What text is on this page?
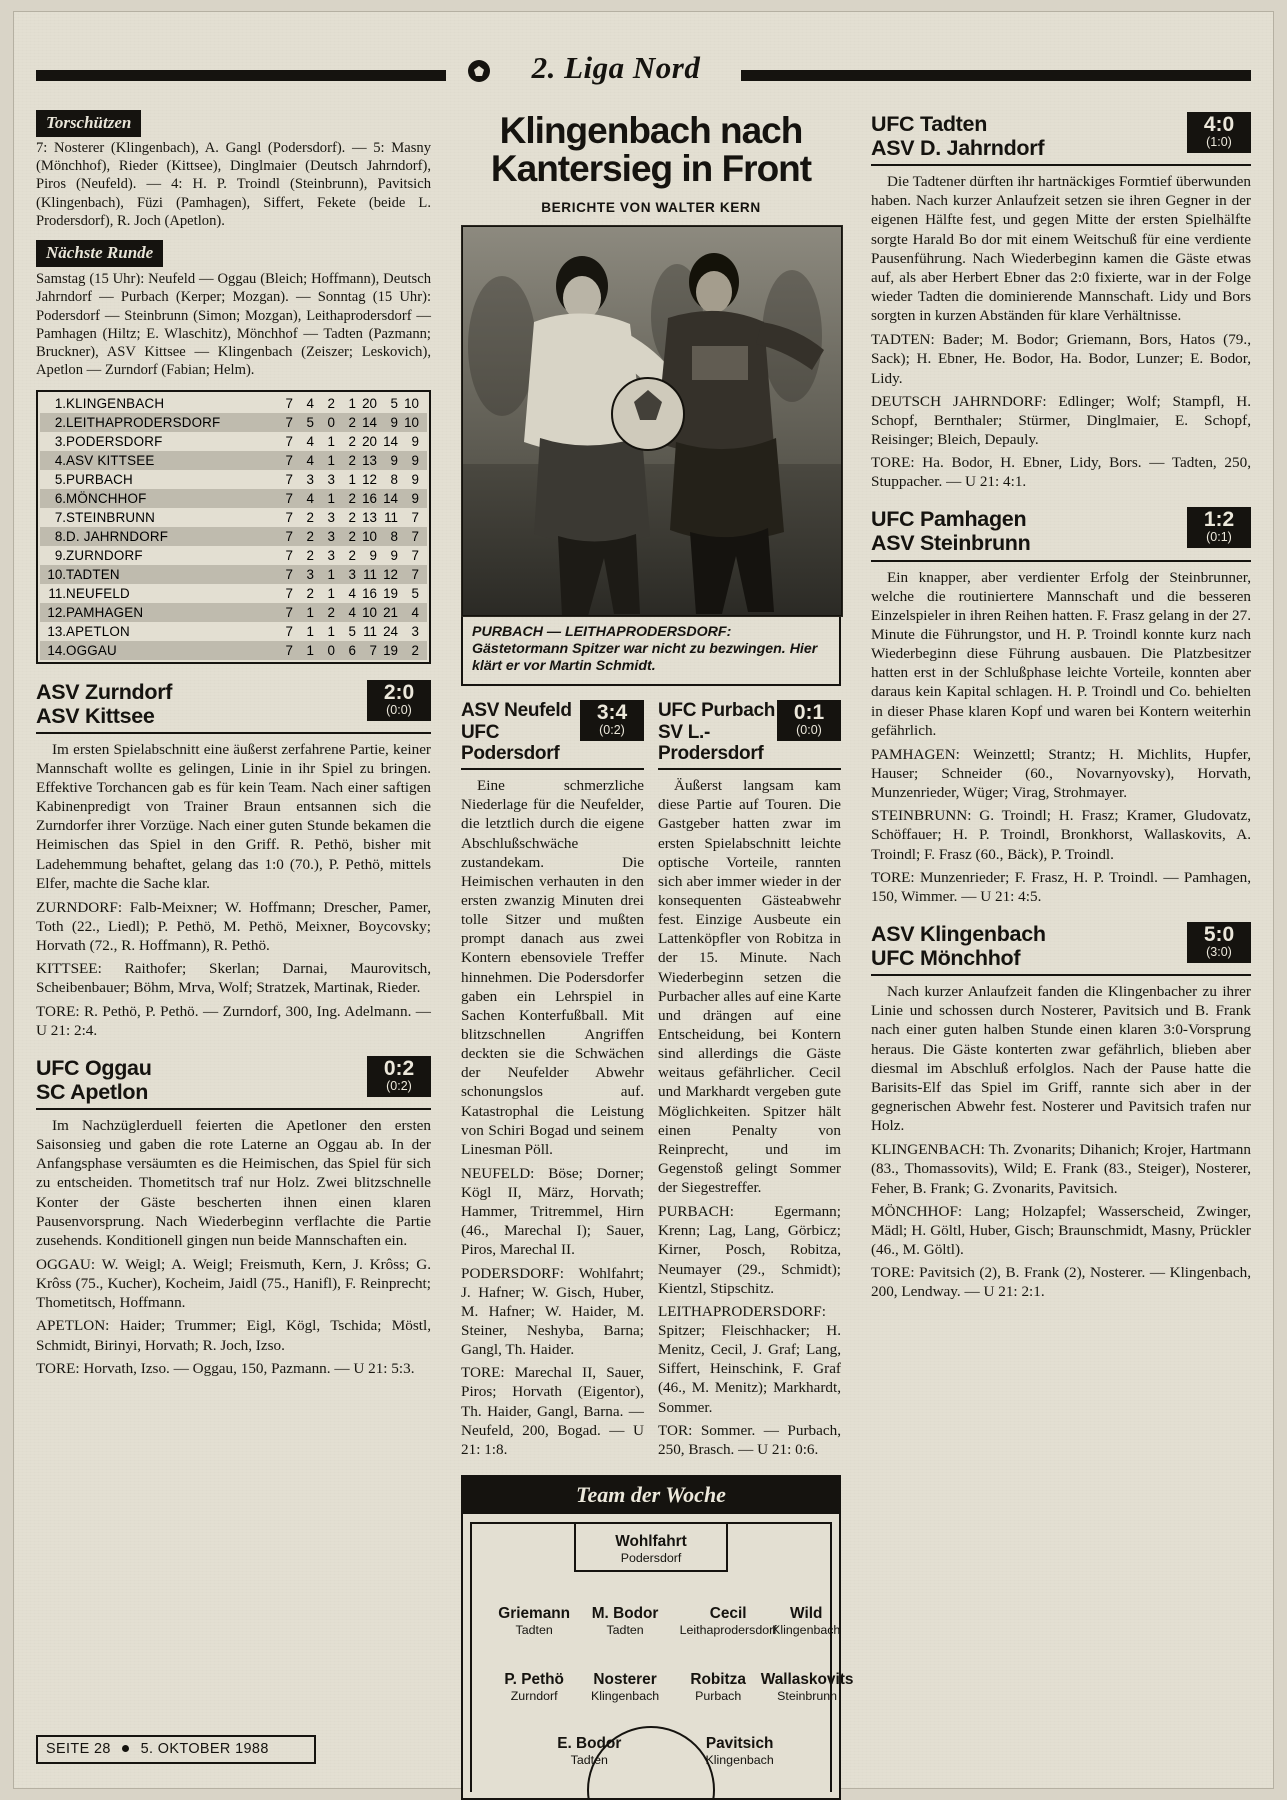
2. Liga Nord
Torschützen
7: Nosterer (Klingenbach), A. Gangl (Podersdorf). — 5: Masny (Mönchhof), Rieder (Kittsee), Dinglmaier (Deutsch Jahrndorf), Piros (Neufeld). — 4: H. P. Troindl (Steinbrunn), Pavitsich (Klingenbach), Füzi (Pamhagen), Siffert, Fekete (beide L. Prodersdorf), R. Joch (Apetlon).
Nächste Runde
Samstag (15 Uhr): Neufeld — Oggau (Bleich; Hoffmann), Deutsch Jahrndorf — Purbach (Kerper; Mozgan). — Sonntag (15 Uhr): Podersdorf — Steinbrunn (Simon; Mozgan), Leithaprodersdorf — Pamhagen (Hiltz; E. Wlaschitz), Mönchhof — Tadten (Pazmann; Bruckner), ASV Kittsee — Klingenbach (Zeiszer; Leskovich), Apetlon — Zurndorf (Fabian; Helm).
1.	KLINGENBACH	7	4	2	1	20	5	10
2.	LEITHAPRODERSDORF	7	5	0	2	14	9	10
3.	PODERSDORF	7	4	1	2	20	14	9
4.	ASV KITTSEE	7	4	1	2	13	9	9
5.	PURBACH	7	3	3	1	12	8	9
6.	MÖNCHHOF	7	4	1	2	16	14	9
7.	STEINBRUNN	7	2	3	2	13	11	7
8.	D. JAHRNDORF	7	2	3	2	10	8	7
9.	ZURNDORF	7	2	3	2	9	9	7
10.	TADTEN	7	3	1	3	11	12	7
11.	NEUFELD	7	2	1	4	16	19	5
12.	PAMHAGEN	7	1	2	4	10	21	4
13.	APETLON	7	1	1	5	11	24	3
14.	OGGAU	7	1	0	6	7	19	2
ASV Zurndorf
ASV Kittsee
2:0
(0:0)
Im ersten Spielabschnitt eine äußerst zerfahrene Partie, keiner Mannschaft wollte es gelingen, Linie in ihr Spiel zu bringen. Effektive Torchancen gab es für kein Team. Nach einer saftigen Kabinenpredigt von Trainer Braun entsannen sich die Zurndorfer ihrer Vorzüge. Nach einer guten Stunde bekamen die Heimischen das Spiel in den Griff. R. Pethö, bisher mit Ladehemmung behaftet, gelang das 1:0 (70.), P. Pethö, mittels Elfer, machte die Sache klar.
ZURNDORF: Falb-Meixner; W. Hoffmann; Drescher, Pamer, Toth (22., Liedl); P. Pethö, M. Pethö, Meixner, Boycovsky; Horvath (72., R. Hoffmann), R. Pethö.
KITTSEE: Raithofer; Skerlan; Darnai, Maurovitsch, Scheibenbauer; Böhm, Mrva, Wolf; Stratzek, Martinak, Rieder.
TORE: R. Pethö, P. Pethö. — Zurndorf, 300, Ing. Adelmann. — U 21: 2:4.
UFC Oggau
SC Apetlon
0:2
(0:2)
Im Nachzüglerduell feierten die Apetloner den ersten Saisonsieg und gaben die rote Laterne an Oggau ab. In der Anfangsphase versäumten es die Heimischen, das Spiel für sich zu entscheiden. Thometitsch traf nur Holz. Zwei blitzschnelle Konter der Gäste bescherten ihnen einen klaren Pausenvorsprung. Nach Wiederbeginn verflachte die Partie zusehends. Konditionell gingen nun beide Mannschaften ein.
OGGAU: W. Weigl; A. Weigl; Freismuth, Kern, J. Krôss; G. Krôss (75., Kucher), Kocheim, Jaidl (75., Hanifl), F. Reinprecht; Thometitsch, Hoffmann.
APETLON: Haider; Trummer; Eigl, Kögl, Tschida; Möstl, Schmidt, Birinyi, Horvath; R. Joch, Izso.
TORE: Horvath, Izso. — Oggau, 150, Pazmann. — U 21: 5:3.
Klingenbach nach Kantersieg in Front
BERICHTE VON WALTER KERN
PURBACH — LEITHAPRODERSDORF: Gästetormann Spitzer war nicht zu bezwingen. Hier klärt er vor Martin Schmidt.
ASV Neufeld
UFC Podersdorf
3:4
(0:2)
Eine schmerzliche Niederlage für die Neufelder, die letztlich durch die eigene Abschlußschwäche zustandekam. Die Heimischen verhauten in den ersten zwanzig Minuten drei tolle Sitzer und mußten prompt danach aus zwei Kontern ebensoviele Treffer hinnehmen. Die Podersdorfer gaben ein Lehrspiel in Sachen Konterfußball. Mit blitzschnellen Angriffen deckten sie die Schwächen der Neufelder Abwehr schonungslos auf. Katastrophal die Leistung von Schiri Bogad und seinem Linesman Pöll.
NEUFELD: Böse; Dorner; Kögl II, März, Horvath; Hammer, Tritremmel, Hirn (46., Marechal I); Sauer, Piros, Marechal II.
PODERSDORF: Wohlfahrt; J. Hafner; W. Gisch, Huber, M. Hafner; W. Haider, M. Steiner, Neshyba, Barna; Gangl, Th. Haider.
TORE: Marechal II, Sauer, Piros; Horvath (Eigentor), Th. Haider, Gangl, Barna. — Neufeld, 200, Bogad. — U 21: 1:8.
UFC Purbach
SV L.-Prodersdorf
0:1
(0:0)
Äußerst langsam kam diese Partie auf Touren. Die Gastgeber hatten zwar im ersten Spielabschnitt leichte optische Vorteile, rannten sich aber immer wieder in der konsequenten Gästeabwehr fest. Einzige Ausbeute ein Lattenköpfler von Robitza in der 15. Minute. Nach Wiederbeginn setzen die Purbacher alles auf eine Karte und drängen auf eine Entscheidung, bei Kontern sind allerdings die Gäste weitaus gefährlicher. Cecil und Markhardt vergeben gute Möglichkeiten. Spitzer hält einen Penalty von Reinprecht, und im Gegenstoß gelingt Sommer der Siegestreffer.
PURBACH: Egermann; Krenn; Lag, Lang, Görbicz; Kirner, Posch, Robitza, Neumayer (29., Schmidt); Kientzl, Stipschitz.
LEITHAPRODERSDORF: Spitzer; Fleischhacker; H. Menitz, Cecil, J. Graf; Lang, Siffert, Heinschink, F. Graf (46., M. Menitz); Markhardt, Sommer.
TOR: Sommer. — Purbach, 250, Brasch. — U 21: 0:6.
Team der Woche
Wohlfahrt
Podersdorf
Griemann
Tadten
M. Bodor
Tadten
Cecil
Leithaprodersdorf
Wild
Klingenbach
P. Pethö
Zurndorf
Nosterer
Klingenbach
Robitza
Purbach
Wallaskovits
Steinbrunn
E. Bodor
Tadten
Pavitsich
Klingenbach
UFC Tadten
ASV D. Jahrndorf
4:0
(1:0)
Die Tadtener dürften ihr hartnäckiges Formtief überwunden haben. Nach kurzer Anlaufzeit setzen sie ihren Gegner in der eigenen Hälfte fest, und gegen Mitte der ersten Spielhälfte sorgte Harald Bo dor mit einem Weitschuß für eine verdiente Pausenführung. Nach Wiederbeginn kamen die Gäste etwas auf, als aber Herbert Ebner das 2:0 fixierte, war in der Folge wieder Tadten die dominierende Mannschaft. Lidy und Bors sorgten in kurzen Abständen für klare Verhältnisse.
TADTEN: Bader; M. Bodor; Griemann, Bors, Hatos (79., Sack); H. Ebner, He. Bodor, Ha. Bodor, Lunzer; E. Bodor, Lidy.
DEUTSCH JAHRNDORF: Edlinger; Wolf; Stampfl, H. Schopf, Bernthaler; Stürmer, Dinglmaier, E. Schopf, Reisinger; Bleich, Depauly.
TORE: Ha. Bodor, H. Ebner, Lidy, Bors. — Tadten, 250, Stuppacher. — U 21: 4:1.
UFC Pamhagen
ASV Steinbrunn
1:2
(0:1)
Ein knapper, aber verdienter Erfolg der Steinbrunner, welche die routiniertere Mannschaft und die besseren Einzelspieler in ihren Reihen hatten. F. Frasz gelang in der 27. Minute die Führungstor, und H. P. Troindl konnte kurz nach Wiederbeginn diese Führung ausbauen. Die Platzbesitzer hatten erst in der Schlußphase leichte Vorteile, konnten aber daraus kein Kapital schlagen. H. P. Troindl und Co. behielten in dieser Phase klaren Kopf und waren bei Kontern weiterhin gefährlich.
PAMHAGEN: Weinzettl; Strantz; H. Michlits, Hupfer, Hauser; Schneider (60., Novarnyovsky), Horvath, Munzenrieder, Wüger; Virag, Strohmayer.
STEINBRUNN: G. Troindl; H. Frasz; Kramer, Gludovatz, Schöffauer; H. P. Troindl, Bronkhorst, Wallaskovits, A. Troindl; F. Frasz (60., Bäck), P. Troindl.
TORE: Munzenrieder; F. Frasz, H. P. Troindl. — Pamhagen, 150, Wimmer. — U 21: 4:5.
ASV Klingenbach
UFC Mönchhof
5:0
(3:0)
Nach kurzer Anlaufzeit fanden die Klingenbacher zu ihrer Linie und schossen durch Nosterer, Pavitsich und B. Frank nach einer guten halben Stunde einen klaren 3:0-Vorsprung heraus. Die Gäste konterten zwar gefährlich, blieben aber diesmal im Abschluß erfolglos. Nach der Pause hatte die Barisits-Elf das Spiel im Griff, rannte sich aber in der gegnerischen Abwehr fest. Nosterer und Pavitsich trafen nur Holz.
KLINGENBACH: Th. Zvonarits; Dihanich; Krojer, Hartmann (83., Thomassovits), Wild; E. Frank (83., Steiger), Nosterer, Feher, B. Frank; G. Zvonarits, Pavitsich.
MÖNCHHOF: Lang; Holzapfel; Wasserscheid, Zwinger, Mädl; H. Göltl, Huber, Gisch; Braunschmidt, Masny, Prückler (46., M. Göltl).
TORE: Pavitsich (2), B. Frank (2), Nosterer. — Klingenbach, 200, Lendway. — U 21: 2:1.
SEITE 28 5. OKTOBER 1988
